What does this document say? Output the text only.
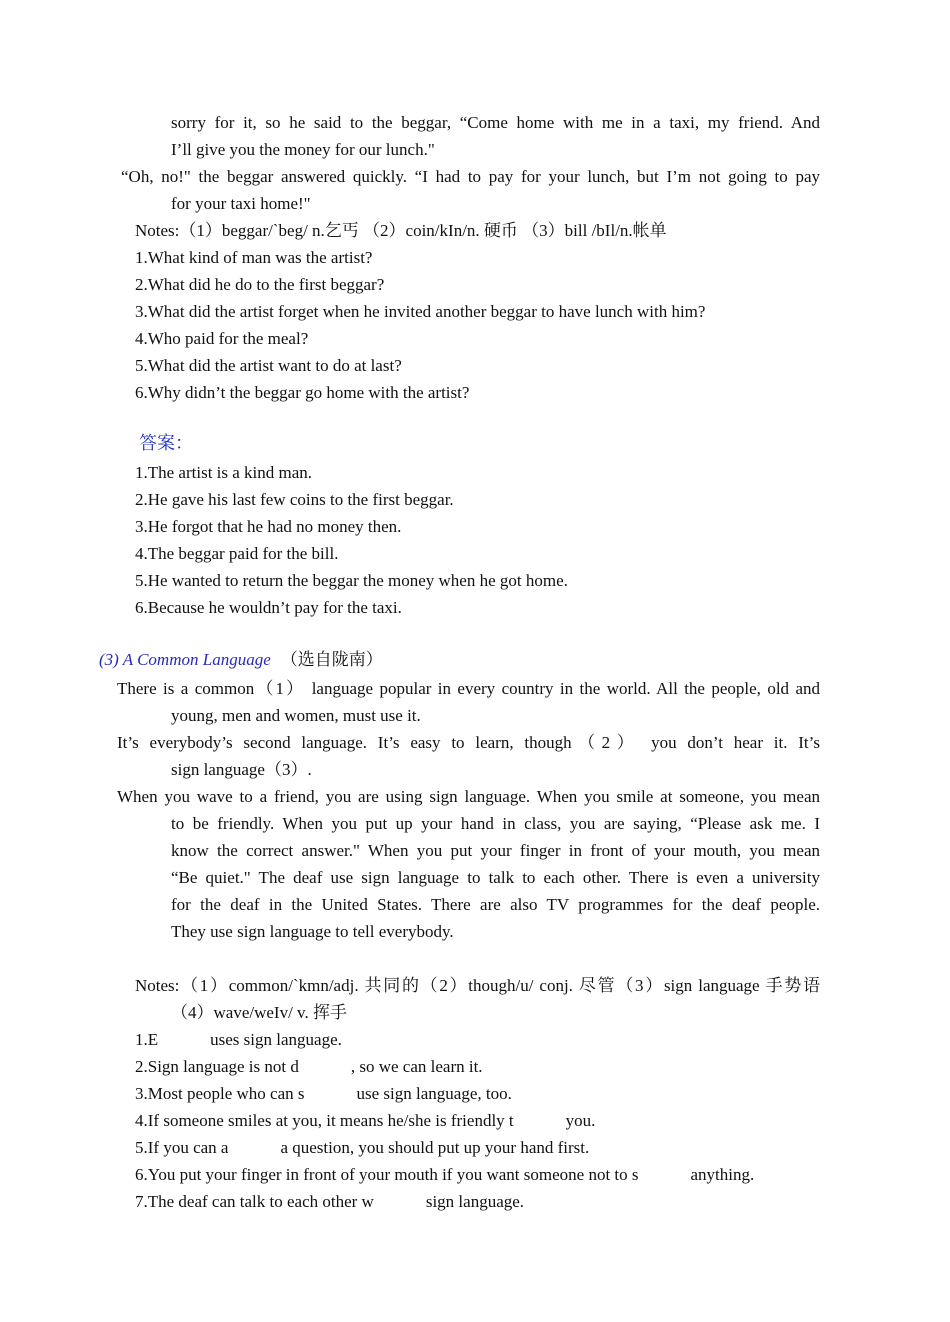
sorry for it, so he said to the beggar, “Come home with me in a taxi, my friend. And
I’ll give you the money for our lunch."
“Oh, no!" the beggar answered quickly. “I had to pay for your lunch, but I’m not going to pay
for your taxi home!"
Notes:（1）beggar/`beg/ n.乞丐 （2）coin/kIn/n. 硬币 （3）bill /bIl/n.帐单
1.What kind of man was the artist?
2.What did he do to the first beggar?
3.What did the artist forget when he invited another beggar to have lunch with him?
4.Who paid for the meal?
5.What did the artist want to do at last?
6.Why didn’t the beggar go home with the artist?
答案：
1.The artist is a kind man.
2.He gave his last few coins to the first beggar.
3.He forgot that he had no money then.
4.The beggar paid for the bill.
5.He wanted to return the beggar the money when he got home.
6.Because he wouldn’t pay for the taxi.
(3) A Common Language （选自陇南）
There is a common（1） language popular in every country in the world. All the people, old and
young, men and women, must use it.
It’s everybody’s second language. It’s easy to learn, though（2） you don’t hear it. It’s
sign language（3）.
When you wave to a friend, you are using sign language. When you smile at someone, you mean
to be friendly. When you put up your hand in class, you are saying, “Please ask me. I
know the correct answer." When you put your finger in front of your mouth, you mean
“Be quiet." The deaf use sign language to talk to each other. There is even a university
for the deaf in the United States. There are also TV programmes for the deaf people.
They use sign language to tell everybody.
Notes:（1）common/`kmn/adj. 共同的（2）though/u/ conj. 尽管（3）sign language 手势语
（4）wave/weIv/ v. 挥手
1.E	uses sign language.
2.Sign language is not d	, so we can learn it.
3.Most people who can s	use sign language, too.
4.If someone smiles at you, it means he/she is friendly t	you.
5.If you can a	a question, you should put up your hand first.
6.You put your finger in front of your mouth if you want someone not to s	anything.
7.The deaf can talk to each other w	sign language.
